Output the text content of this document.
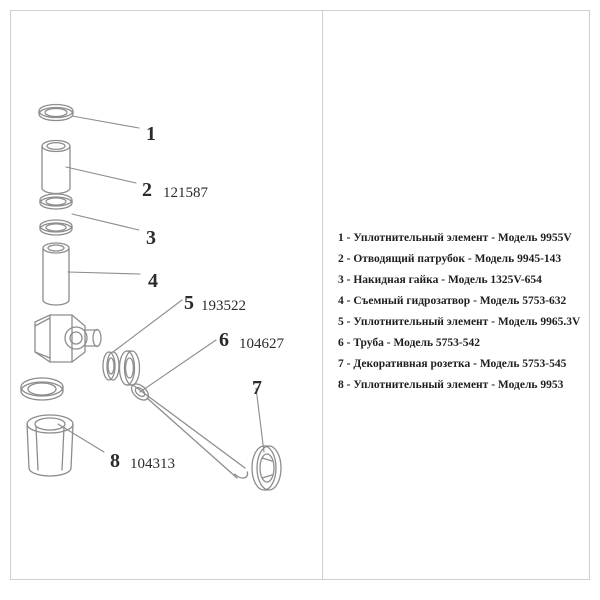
1
2
3
4
5
6
7
8
121587
193522
104627
104313
1 - Уплотнительный элемент - Модель 9955V
2 - Отводящий патрубок - Модель 9945-143
3 - Накидная гайка - Модель 1325V-654
4 - Съемный гидрозатвор - Модель 5753-632
5 - Уплотнительный элемент - Модель 9965.3V
6 - Труба - Модель 5753-542
7 - Декоративная розетка - Модель 5753-545
8 - Уплотнительный элемент - Модель 9953
